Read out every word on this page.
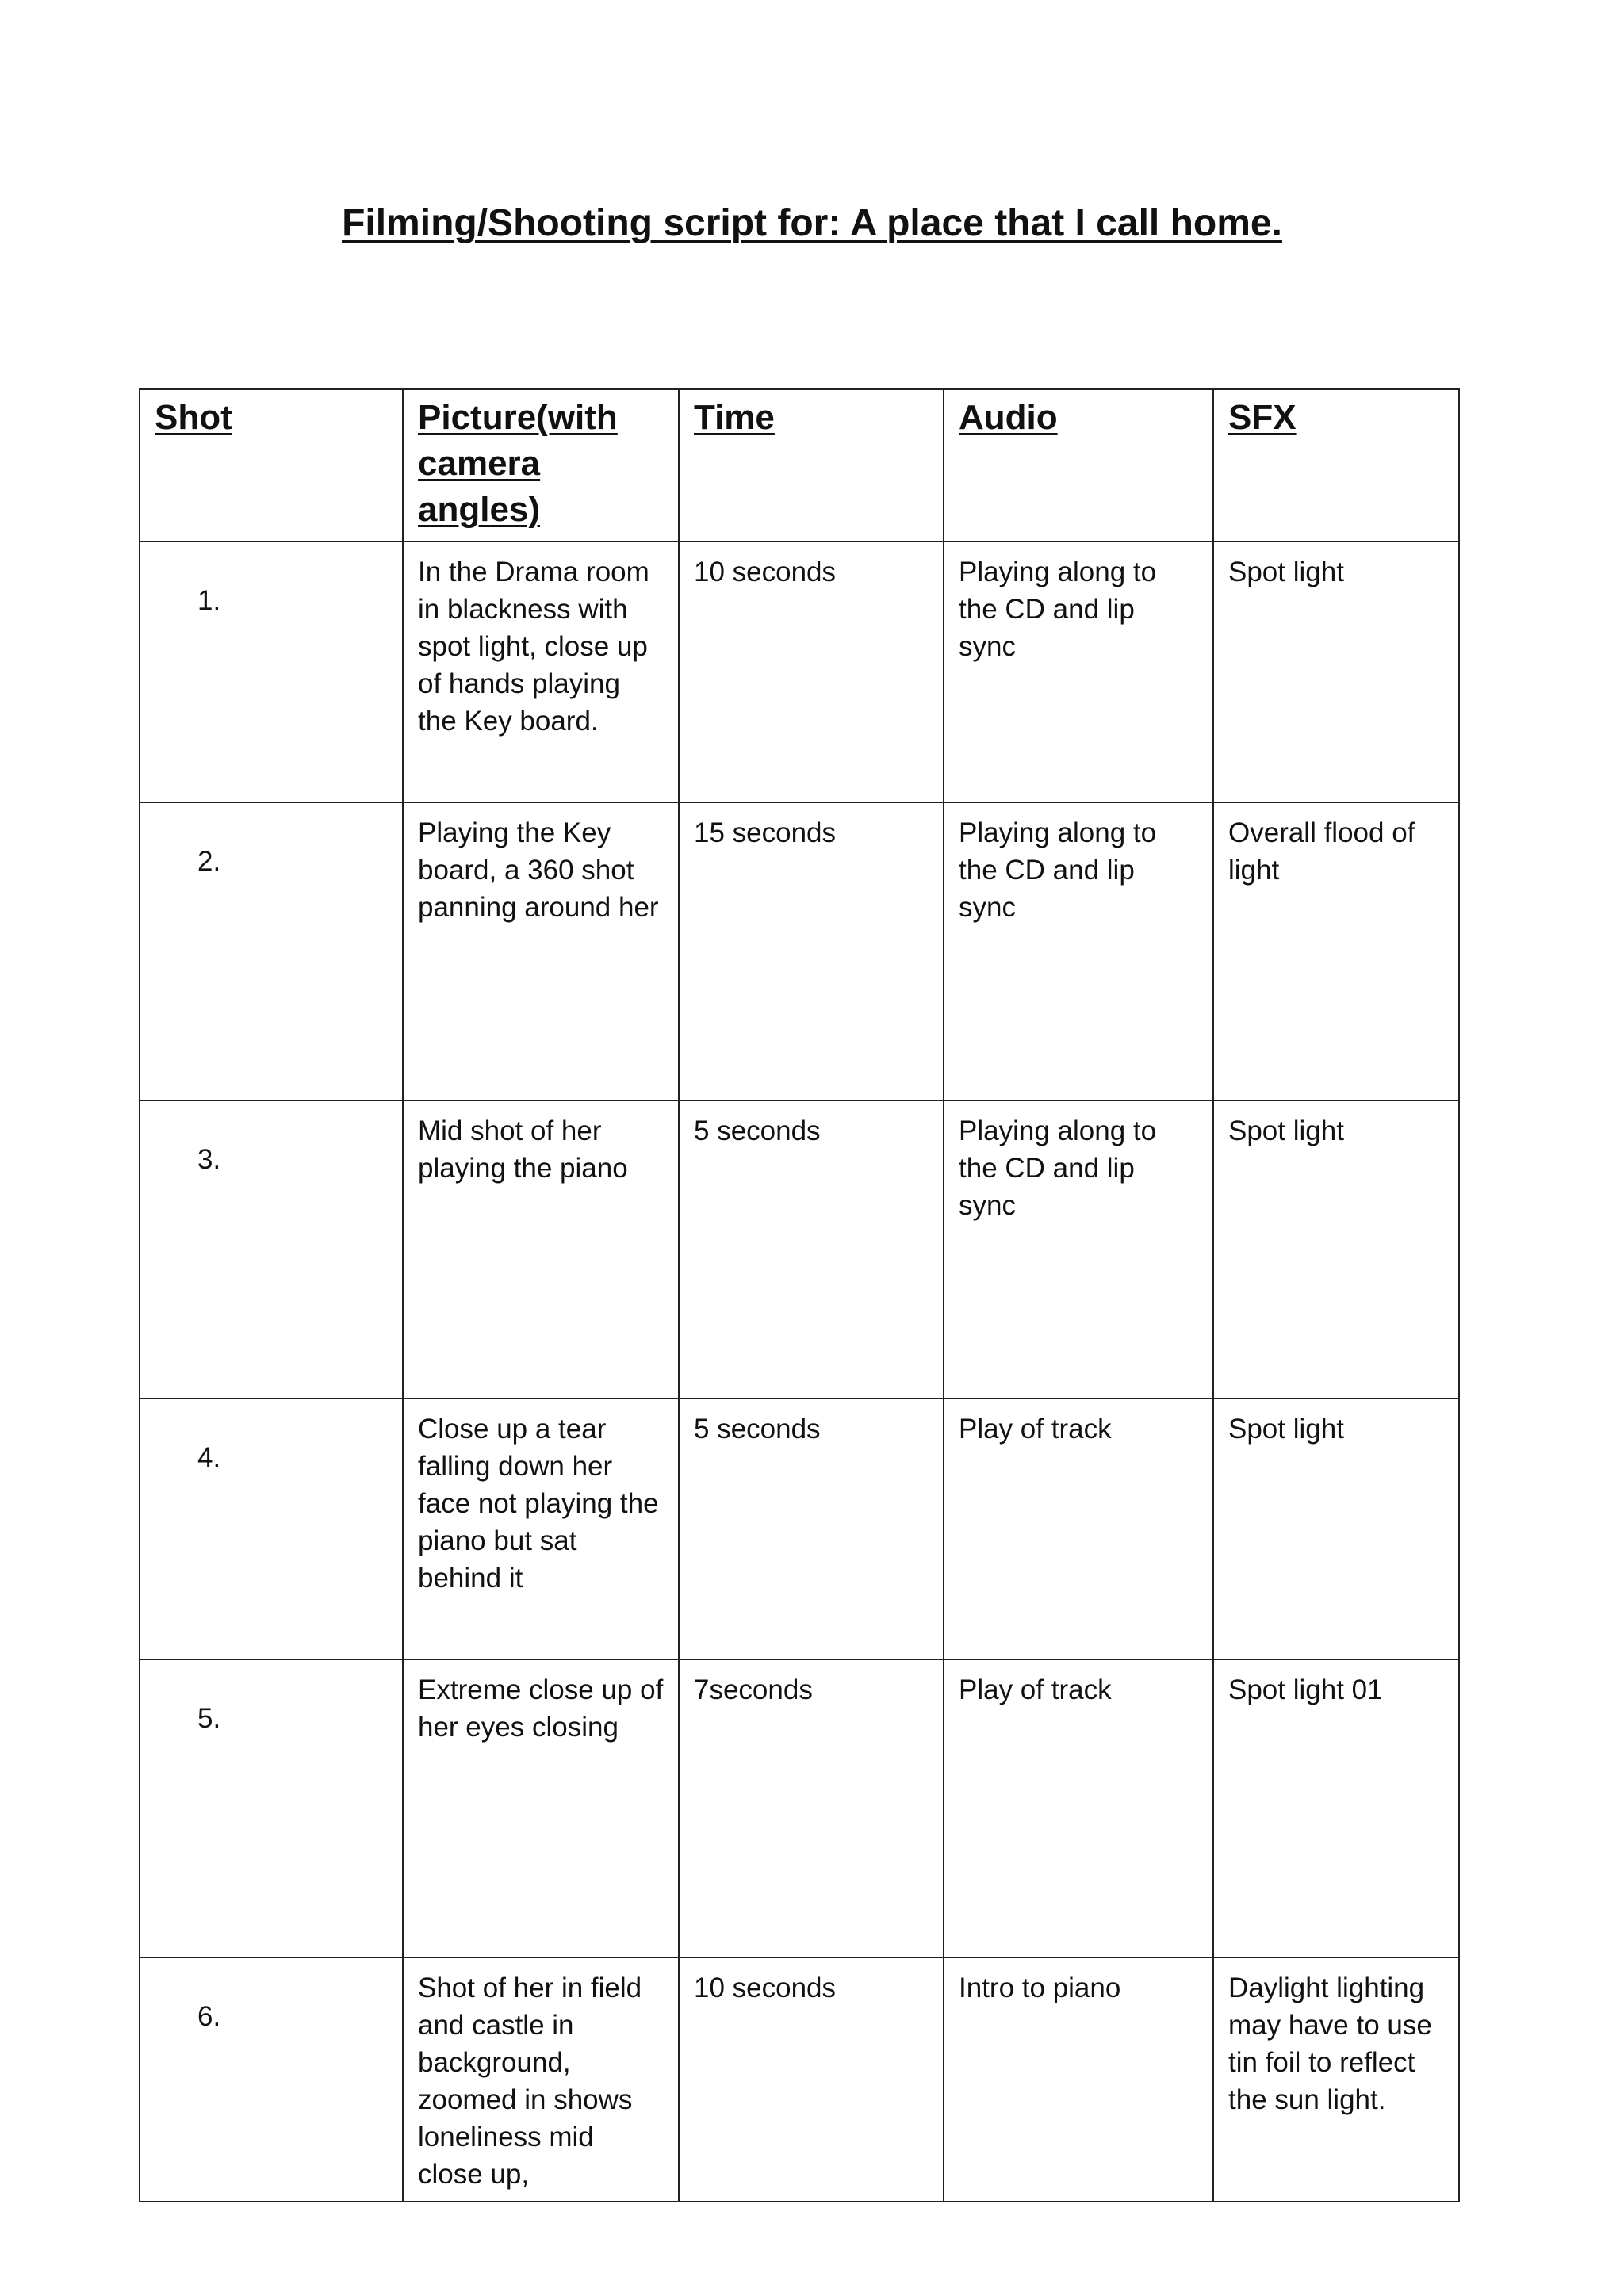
Filming/Shooting script for: A place that I call home.
Shot	Picture(with camera angles)	Time	Audio	SFX
1.	In the Drama room in blackness with spot light, close up of hands playing the Key board.	10 seconds	Playing along to the CD and lip sync	Spot light
2.	Playing the Key board, a 360 shot panning around her	15 seconds	Playing along to the CD and lip sync	Overall flood of light
3.	Mid shot of her playing the piano	5 seconds	Playing along to the CD and lip sync	Spot light
4.	Close up a tear falling down her face not playing the piano but sat behind it	5 seconds	Play of track	Spot light
5.	Extreme close up of her eyes closing	7seconds	Play of track	Spot light 01
6.	Shot of her in field and castle in background, zoomed in shows loneliness mid close up,	10 seconds	Intro to piano	Daylight lighting may have to use tin foil to reflect the sun light.
